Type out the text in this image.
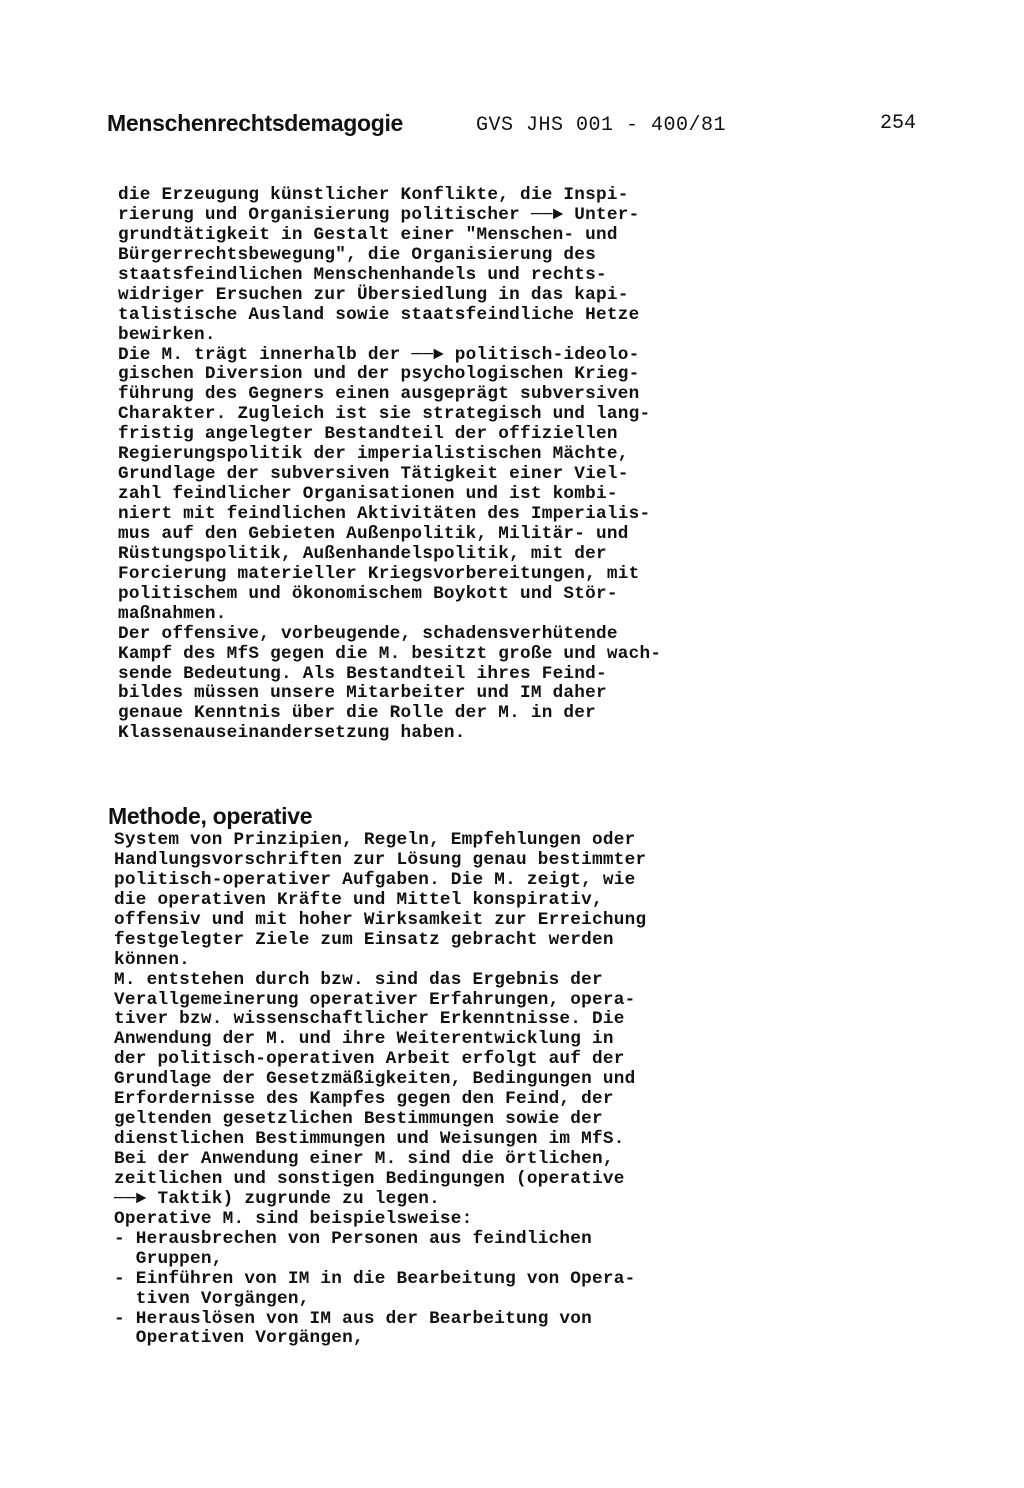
Menschenrechtsdemagogie	GVS JHS 001 - 400/81	254
die Erzeugung künstlicher Konflikte, die Inspi-
rierung und Organisierung politischer ──► Unter-
grundtätigkeit in Gestalt einer "Menschen- und
Bürgerrechtsbewegung", die Organisierung des
staatsfeindlichen Menschenhandels und rechts-
widriger Ersuchen zur Übersiedlung in das kapi-
talistische Ausland sowie staatsfeindliche Hetze
bewirken.
Die M. trägt innerhalb der ──► politisch-ideolo-
gischen Diversion und der psychologischen Krieg-
führung des Gegners einen ausgeprägt subversiven
Charakter. Zugleich ist sie strategisch und lang-
fristig angelegter Bestandteil der offiziellen
Regierungspolitik der imperialistischen Mächte,
Grundlage der subversiven Tätigkeit einer Viel-
zahl feindlicher Organisationen und ist kombi-
niert mit feindlichen Aktivitäten des Imperialis-
mus auf den Gebieten Außenpolitik, Militär- und
Rüstungspolitik, Außenhandelspolitik, mit der
Forcierung materieller Kriegsvorbereitungen, mit
politischem und ökonomischem Boykott und Stör-
maßnahmen.
Der offensive, vorbeugende, schadensverhütende
Kampf des MfS gegen die M. besitzt große und wach-
sende Bedeutung. Als Bestandteil ihres Feind-
bildes müssen unsere Mitarbeiter und IM daher
genaue Kenntnis über die Rolle der M. in der
Klassenauseinandersetzung haben.
Methode, operative
System von Prinzipien, Regeln, Empfehlungen oder
Handlungsvorschriften zur Lösung genau bestimmter
politisch-operativer Aufgaben. Die M. zeigt, wie
die operativen Kräfte und Mittel konspirativ,
offensiv und mit hoher Wirksamkeit zur Erreichung
festgelegter Ziele zum Einsatz gebracht werden
können.
M. entstehen durch bzw. sind das Ergebnis der
Verallgemeinerung operativer Erfahrungen, opera-
tiver bzw. wissenschaftlicher Erkenntnisse. Die
Anwendung der M. und ihre Weiterentwicklung in
der politisch-operativen Arbeit erfolgt auf der
Grundlage der Gesetzmäßigkeiten, Bedingungen und
Erfordernisse des Kampfes gegen den Feind, der
geltenden gesetzlichen Bestimmungen sowie der
dienstlichen Bestimmungen und Weisungen im MfS.
Bei der Anwendung einer M. sind die örtlichen,
zeitlichen und sonstigen Bedingungen (operative
──► Taktik) zugrunde zu legen.
Operative M. sind beispielsweise:
- Herausbrechen von Personen aus feindlichen
Gruppen,
- Einführen von IM in die Bearbeitung von Opera-
tiven Vorgängen,
- Herauslösen von IM aus der Bearbeitung von
Operativen Vorgängen,
